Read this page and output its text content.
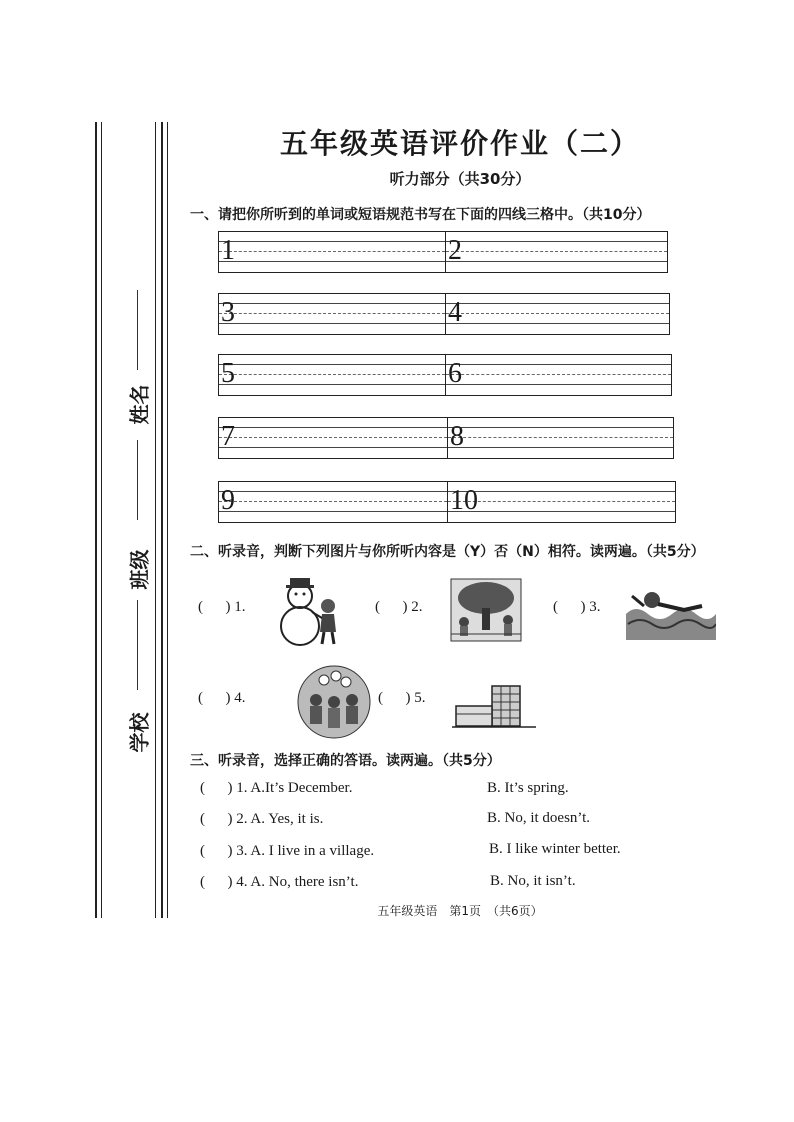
姓名
班级
学校
五年级英语评价作业（二）
听力部分（共30分）
一、请把你所听到的单词或短语规范书写在下面的四线三格中。（共10分）
1	2
3	4
5	6
7	8
9	10
二、听录音，判断下列图片与你所听内容是（Y）否（N）相符。读两遍。（共5分）
(      ) 1.	(      ) 2.	(      ) 3.
(      ) 4.	(      ) 5.
三、听录音，选择正确的答语。读两遍。（共5分）
(      ) 1. A.It’s December.	B. It’s spring.
(      ) 2. A. Yes, it is.	B. No, it doesn’t.
(      ) 3. A. I live in a village.	B. I like winter better.
(      ) 4. A. No, there isn’t.	B. No, it isn’t.
五年级英语　第1页　（共6页）
